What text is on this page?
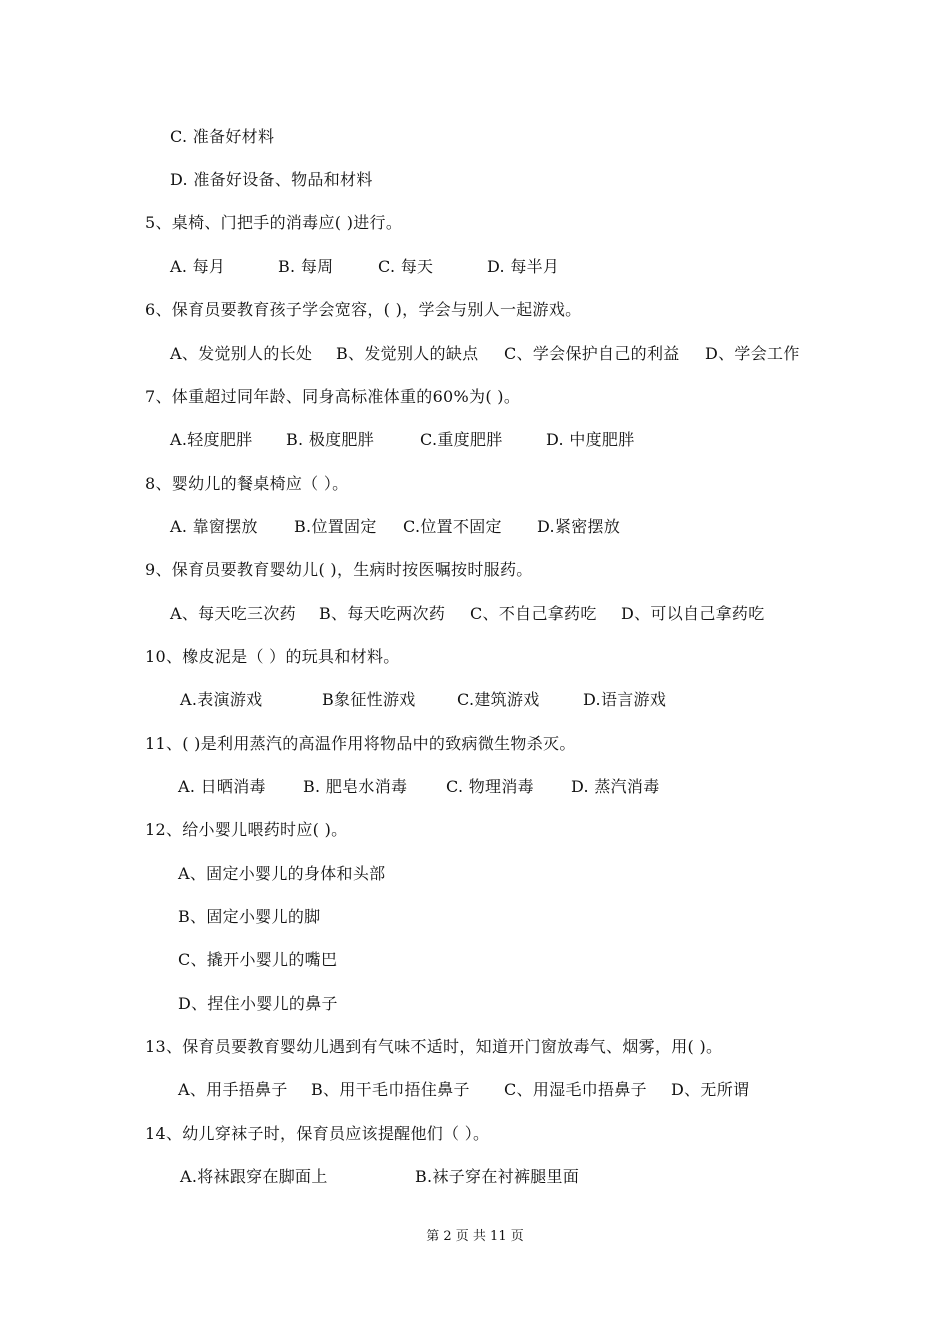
C. 准备好材料
D. 准备好设备、物品和材料
5、桌椅、门把手的消毒应( )进行。
A. 每月	B. 每周	C. 每天	D. 每半月
6、保育员要教育孩子学会宽容，( )，学会与别人一起游戏。
A、发觉别人的长处 B、发觉别人的缺点 C、学会保护自己的利益 D、学会工作
7、体重超过同年龄、同身高标准体重的60%为( )。
A.轻度肥胖 B. 极度肥胖	C.重度肥胖	D. 中度肥胖
8、婴幼儿的餐桌椅应（ ）。
A. 靠窗摆放 B.位置固定 C.位置不固定 D.紧密摆放
9、保育员要教育婴幼儿( )，生病时按医嘱按时服药。
A、每天吃三次药 B、每天吃两次药 C、不自己拿药吃 D、可以自己拿药吃
10、橡皮泥是（ ）的玩具和材料。
A.表演游戏	B象征性游戏	C.建筑游戏	D.语言游戏
11、( )是利用蒸汽的高温作用将物品中的致病微生物杀灭。
A. 日晒消毒 B. 肥皂水消毒 C. 物理消毒 D. 蒸汽消毒
12、给小婴儿喂药时应( )。
A、固定小婴儿的身体和头部
B、固定小婴儿的脚
C、撬开小婴儿的嘴巴
D、捏住小婴儿的鼻子
13、保育员要教育婴幼儿遇到有气味不适时，知道开门窗放毒气、烟雾，用( )。
A、用手捂鼻子 B、用干毛巾捂住鼻子 C、用湿毛巾捂鼻子 D、无所谓
14、幼儿穿袜子时，保育员应该提醒他们（ ）。
A.将袜跟穿在脚面上	B.袜子穿在衬裤腿里面
第 2 页 共 11 页
